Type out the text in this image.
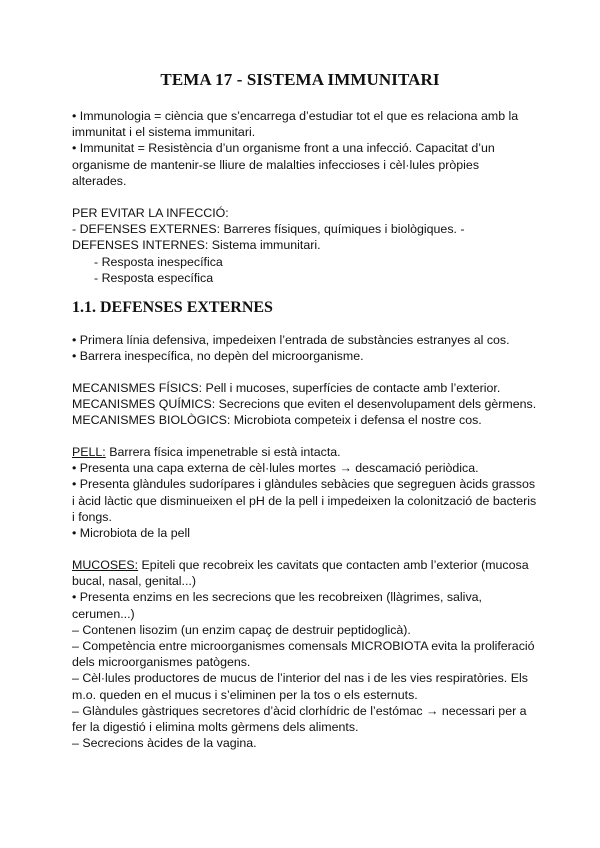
TEMA 17 - SISTEMA IMMUNITARI
• Immunologia = ciència que s’encarrega d’estudiar tot el que es relaciona amb la
immunitat i el sistema immunitari.
• Immunitat = Resistència d’un organisme front a una infecció. Capacitat d’un
organisme de mantenir-se lliure de malalties infeccioses i cèl·lules pròpies
alterades.
PER EVITAR LA INFECCIÓ:
- DEFENSES EXTERNES: Barreres físiques, químiques i biològiques. -
DEFENSES INTERNES: Sistema immunitari.
- Resposta inespecífica
- Resposta específica
1.1. DEFENSES EXTERNES
• Primera línia defensiva, impedeixen l’entrada de substàncies estranyes al cos.
• Barrera inespecífica, no depèn del microorganisme.
MECANISMES FÍSICS: Pell i mucoses, superfícies de contacte amb l’exterior.
MECANISMES QUÍMICS: Secrecions que eviten el desenvolupament dels gèrmens.
MECANISMES BIOLÒGICS: Microbiota competeix i defensa el nostre cos.
PELL: Barrera física impenetrable si està intacta.
• Presenta una capa externa de cèl·lules mortes → descamació periòdica.
• Presenta glàndules sudorípares i glàndules sebàcies que segreguen àcids grassos
i àcid làctic que disminueixen el pH de la pell i impedeixen la colonització de bacteris
i fongs.
• Microbiota de la pell
MUCOSES: Epiteli que recobreix les cavitats que contacten amb l’exterior (mucosa
bucal, nasal, genital...)
• Presenta enzims en les secrecions que les recobreixen (llàgrimes, saliva,
cerumen...)
– Contenen lisozim (un enzim capaç de destruir peptidoglicà).
– Competència entre microorganismes comensals MICROBIOTA evita la proliferació
dels microorganismes patògens.
– Cèl·lules productores de mucus de l’interior del nas i de les vies respiratòries. Els
m.o. queden en el mucus i s’eliminen per la tos o els esternuts.
– Glàndules gàstriques secretores d’àcid clorhídric de l’estómac → necessari per a
fer la digestió i elimina molts gèrmens dels aliments.
– Secrecions àcides de la vagina.
